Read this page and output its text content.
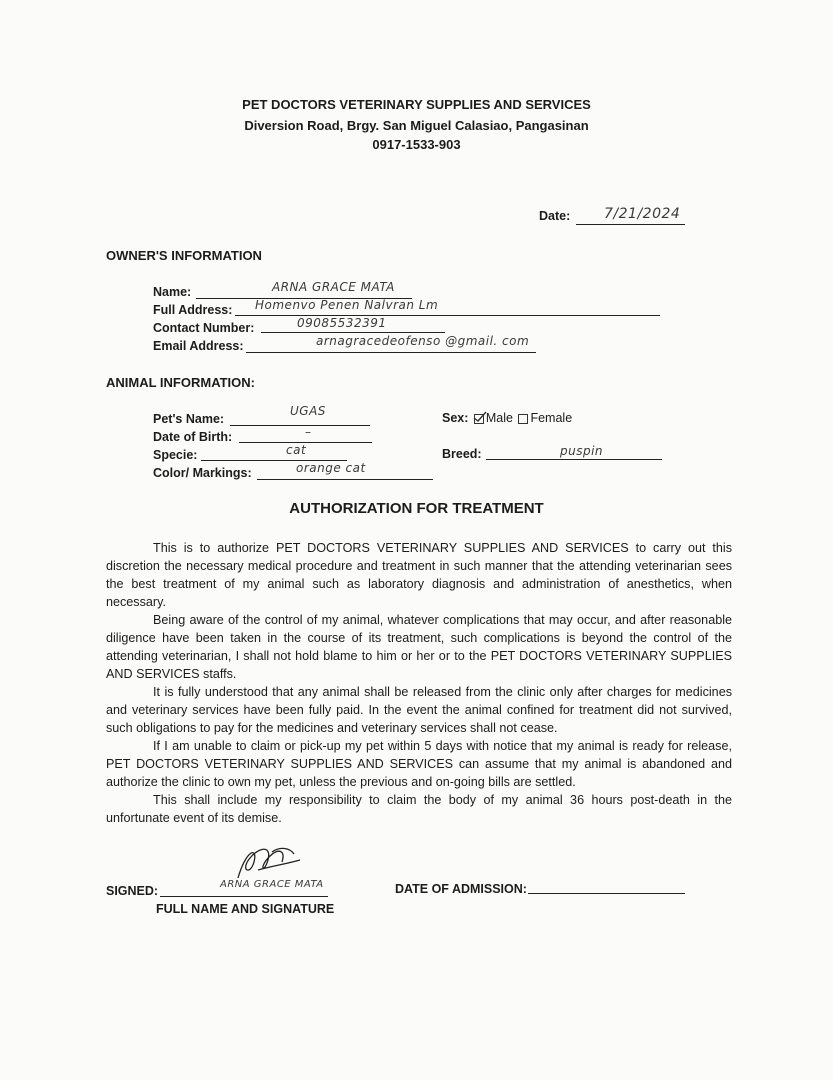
PET DOCTORS VETERINARY SUPPLIES AND SERVICES
Diversion Road, Brgy. San Miguel Calasiao, Pangasinan
0917-1533-903
Date: 7/21/2024
OWNER'S INFORMATION
Name:	ARNA GRACE MATA
Full Address: Homenvo Penen Nalvran Lm
Contact Number:	09085532391
Email Address:	arnagracedeofenso @gmail. com
ANIMAL INFORMATION:
Pet's Name:
UGAS
Date of Birth:	–
Specie:	cat
Color/ Markings:	orange cat
Sex: Male Female
Breed:	puspin
AUTHORIZATION FOR TREATMENT

This is to authorize PET DOCTORS VETERINARY SUPPLIES AND SERVICES to carry out this discretion the necessary medical procedure and treatment in such manner that the attending veterinarian sees the best treatment of my animal such as laboratory diagnosis and administration of anesthetics, when necessary.

Being aware of the control of my animal, whatever complications that may occur, and after reasonable diligence have been taken in the course of its treatment, such complications is beyond the control of the attending veterinarian, I shall not hold blame to him or her or to the PET DOCTORS VETERINARY SUPPLIES AND SERVICES staffs.

It is fully understood that any animal shall be released from the clinic only after charges for medicines and veterinary services have been fully paid. In the event the animal confined for treatment did not survived, such obligations to pay for the medicines and veterinary services shall not cease.

If I am unable to claim or pick-up my pet within 5 days with notice that my animal is ready for release, PET DOCTORS VETERINARY SUPPLIES AND SERVICES can assume that my animal is abandoned and authorize the clinic to own my pet, unless the previous and on-going bills are settled.

This shall include my responsibility to claim the body of my animal 36 hours post-death in the unfortunate event of its demise.

SIGNED:	ARNA GRACE MATA
FULL NAME AND SIGNATURE
DATE OF ADMISSION:
